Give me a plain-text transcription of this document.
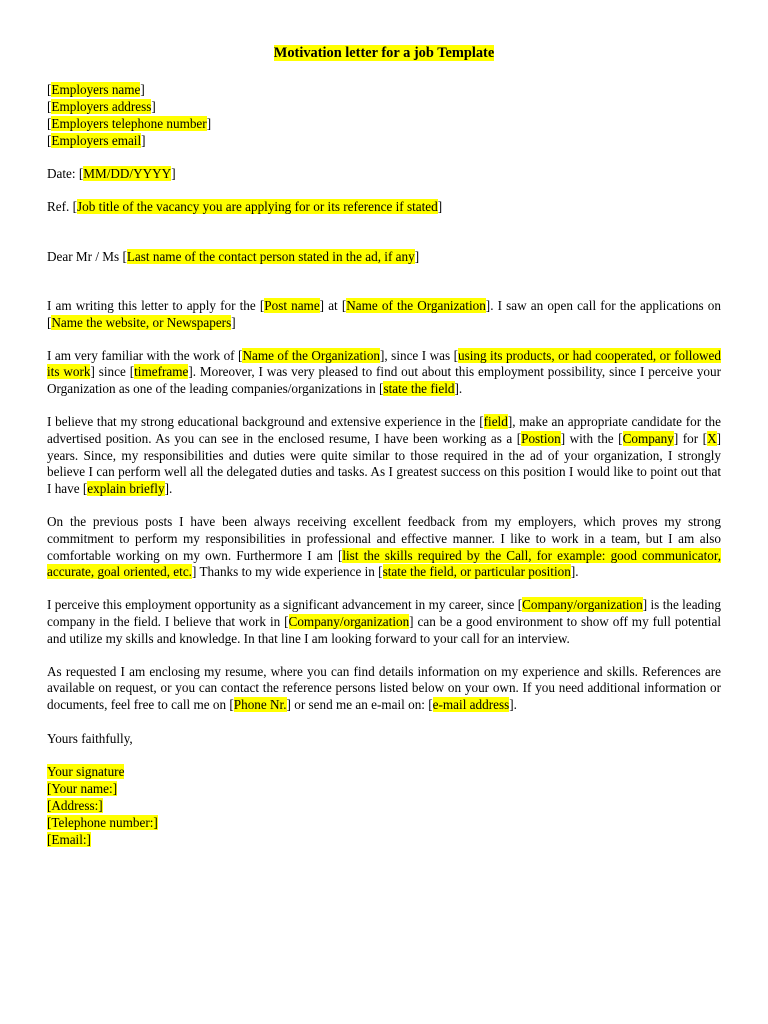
Motivation letter for a job Template
[Employers name]
[Employers address]
[Employers telephone number]
[Employers email]
Date: [MM/DD/YYYY]
Ref. [Job title of the vacancy you are applying for or its reference if stated]
Dear Mr / Ms [Last name of the contact person stated in the ad, if any]

I am writing this letter to apply for the [Post name] at [Name of the Organization]. I saw an open call for the applications on [Name the website, or Newspapers]

I am very familiar with the work of [Name of the Organization], since I was [using its products, or had cooperated, or followed its work] since [timeframe]. Moreover, I was very pleased to find out about this employment possibility, since I perceive your Organization as one of the leading companies/organizations in [state the field].

I believe that my strong educational background and extensive experience in the [field], make an appropriate candidate for the advertised position. As you can see in the enclosed resume, I have been working as a [Postion] with the [Company] for [X] years. Since, my responsibilities and duties were quite similar to those required in the ad of your organization, I strongly believe I can perform well all the delegated duties and tasks. As I greatest success on this position I would like to point out that I have [explain briefly].

On the previous posts I have been always receiving excellent feedback from my employers, which proves my strong commitment to perform my responsibilities in professional and effective manner. I like to work in a team, but I am also comfortable working on my own. Furthermore I am [list the skills required by the Call, for example: good communicator, accurate, goal oriented, etc.] Thanks to my wide experience in [state the field, or particular position].

I perceive this employment opportunity as a significant advancement in my career, since [Company/organization] is the leading company in the field. I believe that work in [Company/organization] can be a good environment to show off my full potential and utilize my skills and knowledge. In that line I am looking forward to your call for an interview.

As requested I am enclosing my resume, where you can find details information on my experience and skills. References are available on request, or you can contact the reference persons listed below on your own. If you need additional information or documents, feel free to call me on [Phone Nr.] or send me an e-mail on: [e-mail address].

Yours faithfully,
Your signature
[Your name:]
[Address:]
[Telephone number:]
[Email:]
